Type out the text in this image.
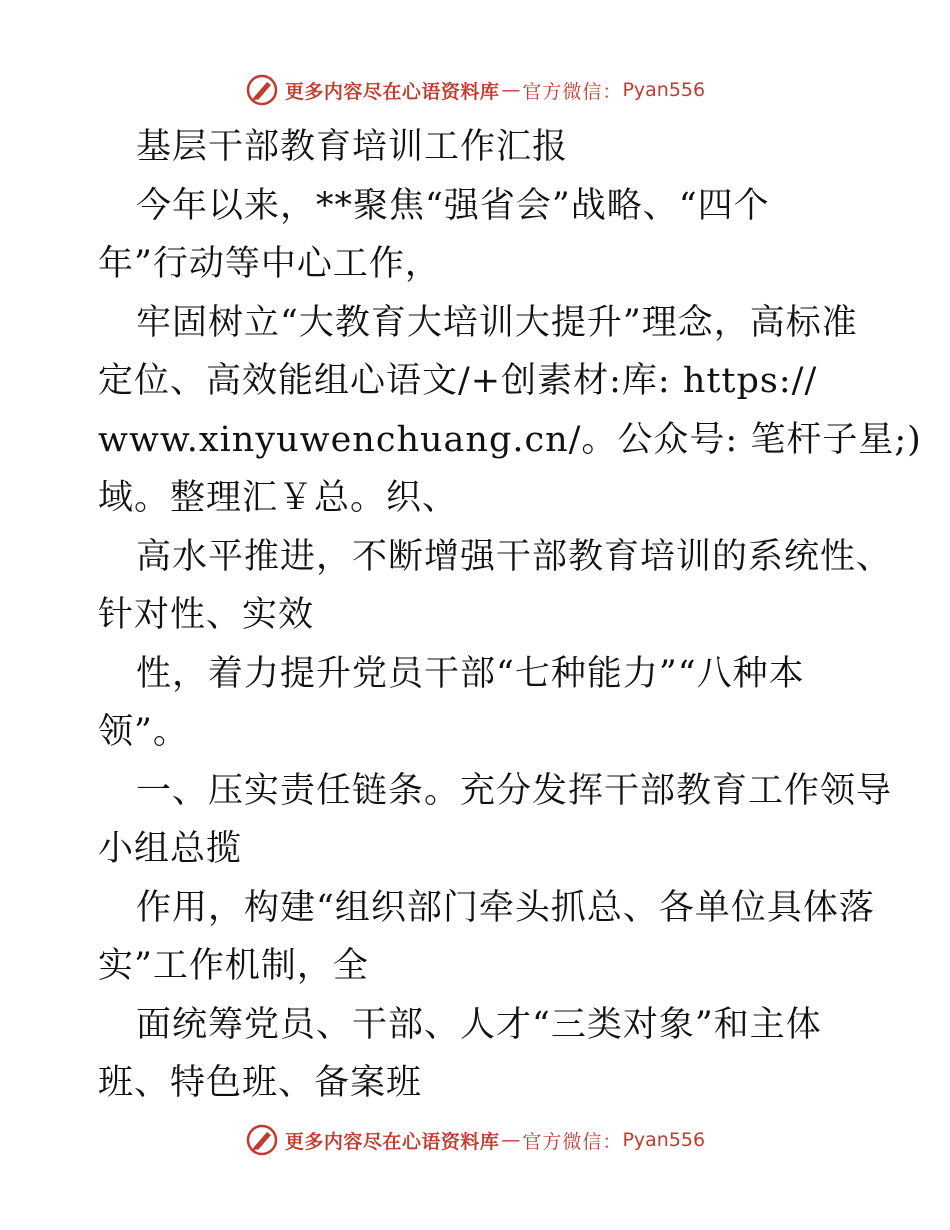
更多内容尽在心语资料库 — 官方微信： Pyan556
基层干部教育培训工作汇报
今年以来，**聚焦“强省会”战略、“四个
年”行动等中心工作，
牢固树立“大教育大培训大提升”理念，高标准
定位、高效能组心语文/+创素材:库: https://
www.xinyuwenchuang.cn/。公众号: 笔杆子星;)
域。整理汇￥总。织、
高水平推进，不断增强干部教育培训的系统性、
针对性、实效
性，着力提升党员干部“七种能力”“八种本
领”。
一、压实责任链条。充分发挥干部教育工作领导
小组总揽
作用，构建“组织部门牵头抓总、各单位具体落
实”工作机制，全
面统筹党员、干部、人才“三类对象”和主体
班、特色班、备案班
更多内容尽在心语资料库 — 官方微信： Pyan556
